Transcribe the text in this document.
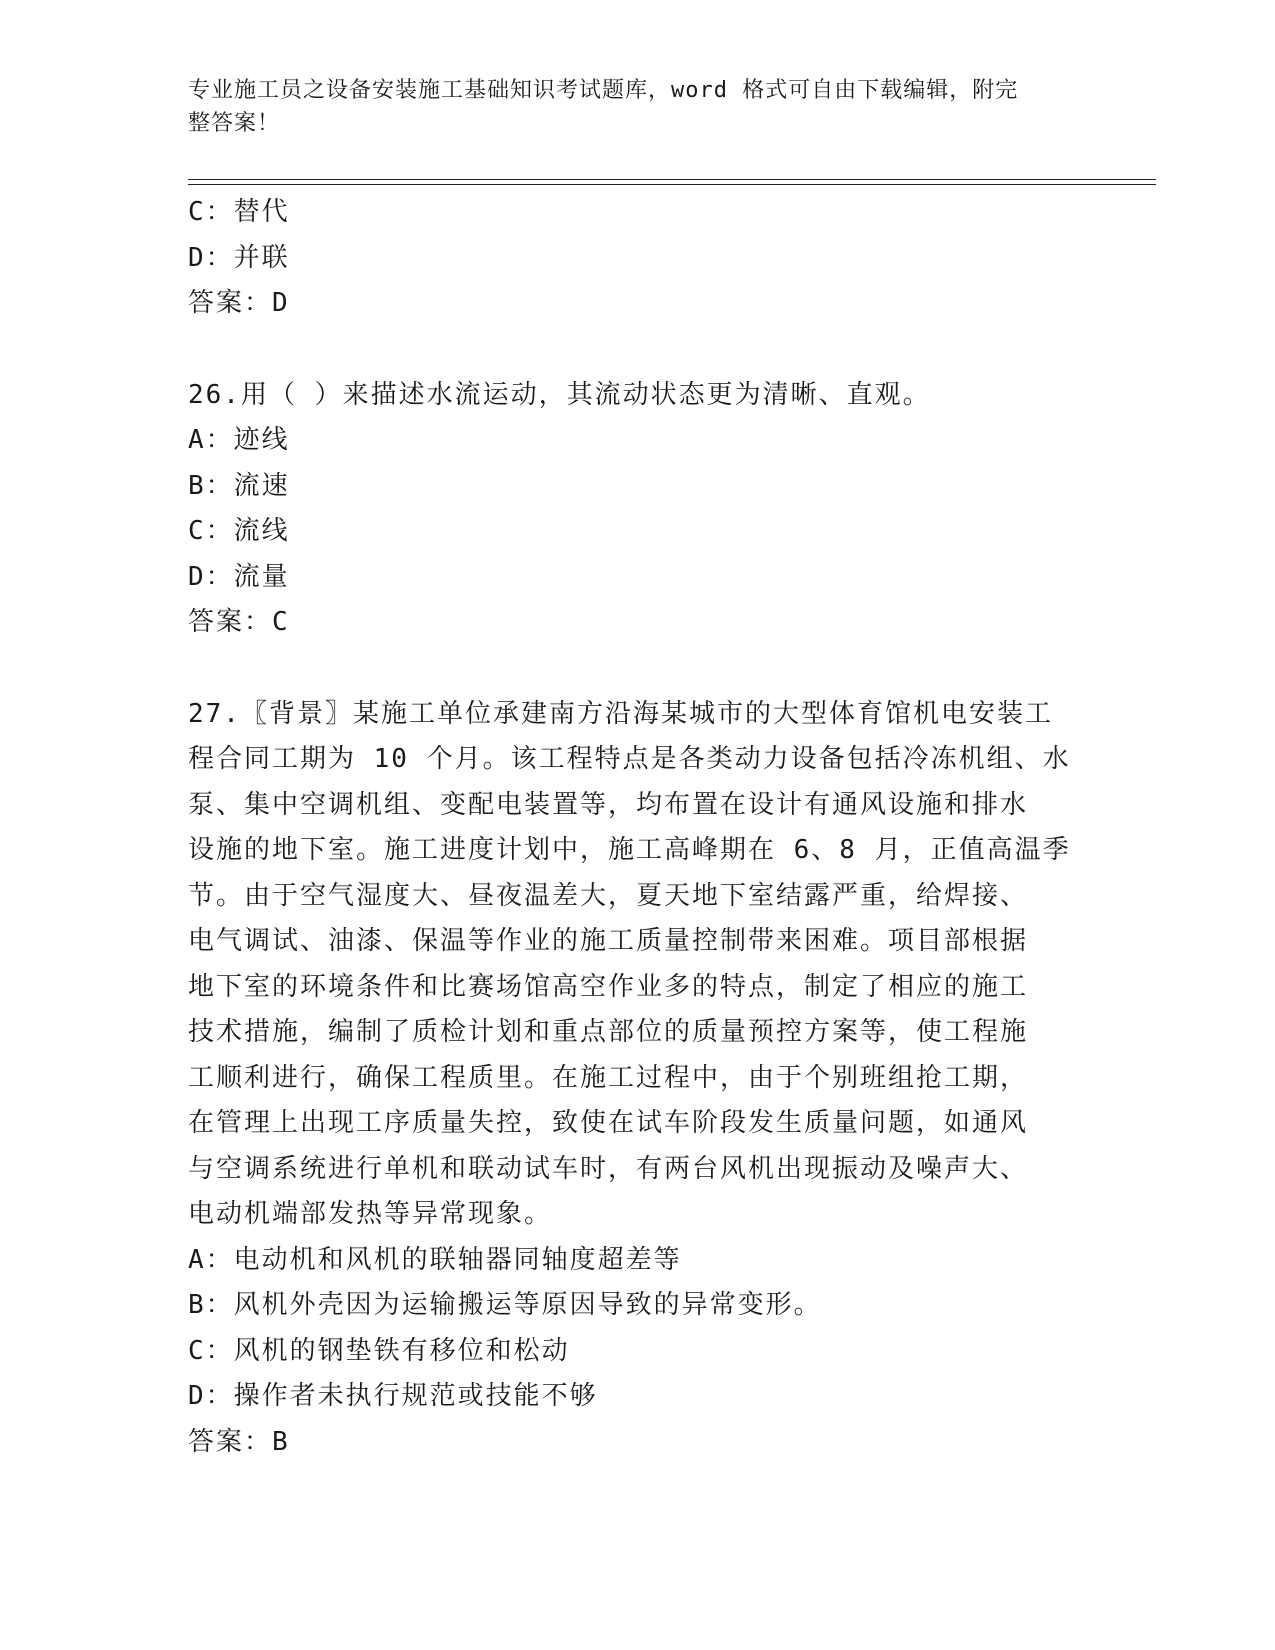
专业施工员之设备安装施工基础知识考试题库，word 格式可自由下载编辑，附完
整答案！
C：替代
D：并联
答案：D
26.用（ ）来描述水流运动，其流动状态更为清晰、直观。
A：迹线
B：流速
C：流线
D：流量
答案：C
27.〖背景〗某施工单位承建南方沿海某城市的大型体育馆机电安装工
程合同工期为 10 个月。该工程特点是各类动力设备包括冷冻机组、水
泵、集中空调机组、变配电装置等，均布置在设计有通风设施和排水
设施的地下室。施工进度计划中，施工高峰期在 6、8 月，正值高温季
节。由于空气湿度大、昼夜温差大，夏天地下室结露严重，给焊接、
电气调试、油漆、保温等作业的施工质量控制带来困难。项目部根据
地下室的环境条件和比赛场馆高空作业多的特点，制定了相应的施工
技术措施，编制了质检计划和重点部位的质量预控方案等，使工程施
工顺利进行，确保工程质里。在施工过程中，由于个别班组抢工期，
在管理上出现工序质量失控，致使在试车阶段发生质量问题，如通风
与空调系统进行单机和联动试车时，有两台风机出现振动及噪声大、
电动机端部发热等异常现象。
A：电动机和风机的联轴器同轴度超差等
B：风机外壳因为运输搬运等原因导致的异常变形。
C：风机的钢垫铁有移位和松动
D：操作者未执行规范或技能不够
答案：B
